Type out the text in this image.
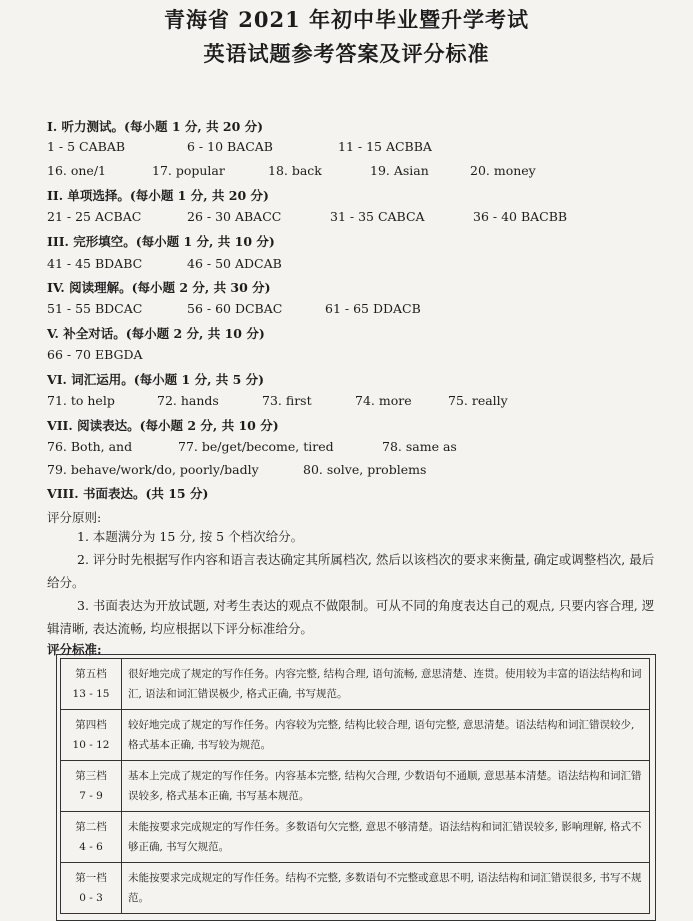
青海省 2021 年初中毕业暨升学考试
英语试题参考答案及评分标准
I. 听力测试。(每小题 1 分, 共 20 分)
1 - 5 CABAB	6 - 10 BACAB	11 - 15 ACBBA
16. one/1	17. popular	18. back	19. Asian	20. money
II. 单项选择。(每小题 1 分, 共 20 分)
21 - 25 ACBAC	26 - 30 ABACC	31 - 35 CABCA	36 - 40 BACBB
III. 完形填空。(每小题 1 分, 共 10 分)
41 - 45 BDABC	46 - 50 ADCAB
IV. 阅读理解。(每小题 2 分, 共 30 分)
51 - 55 BDCAC	56 - 60 DCBAC	61 - 65 DDACB
V. 补全对话。(每小题 2 分, 共 10 分)
66 - 70 EBGDA
VI. 词汇运用。(每小题 1 分, 共 5 分)
71. to help	72. hands	73. first	74. more	75. really
VII. 阅读表达。(每小题 2 分, 共 10 分)
76. Both, and	77. be/get/become, tired	78. same as
79. behave/work/do, poorly/badly	80. solve, problems
VIII. 书面表达。(共 15 分)
评分原则:
1. 本题满分为 15 分, 按 5 个档次给分。
2. 评分时先根据写作内容和语言表达确定其所属档次, 然后以该档次的要求来衡量, 确定或调整档次, 最后给分。
3. 书面表达为开放试题, 对考生表达的观点不做限制。可从不同的角度表达自己的观点, 只要内容合理, 逻辑清晰, 表达流畅, 均应根据以下评分标准给分。
评分标准:
第五档
13 - 15	很好地完成了规定的写作任务。内容完整, 结构合理, 语句流畅, 意思清楚、连贯。使用较为丰富的语法结构和词汇, 语法和词汇错误极少, 格式正确, 书写规范。

第四档
10 - 12	较好地完成了规定的写作任务。内容较为完整, 结构比较合理, 语句完整, 意思清楚。语法结构和词汇错误较少, 格式基本正确, 书写较为规范。

第三档
7 - 9	基本上完成了规定的写作任务。内容基本完整, 结构欠合理, 少数语句不通顺, 意思基本清楚。语法结构和词汇错误较多, 格式基本正确, 书写基本规范。

第二档
4 - 6	未能按要求完成规定的写作任务。多数语句欠完整, 意思不够清楚。语法结构和词汇错误较多, 影响理解, 格式不够正确, 书写欠规范。

第一档
0 - 3	未能按要求完成规定的写作任务。结构不完整, 多数语句不完整或意思不明, 语法结构和词汇错误很多, 书写不规范。
